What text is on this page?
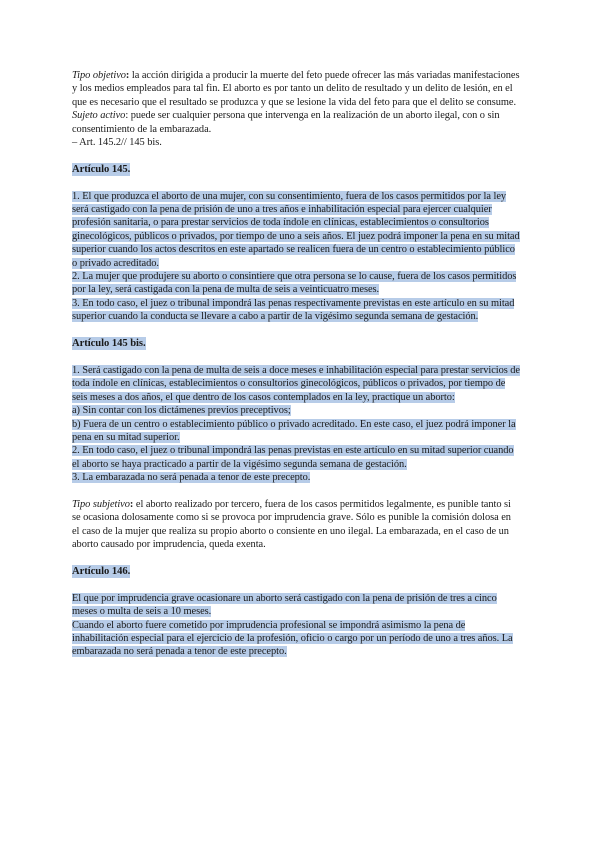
Tipo objetivo: la acción dirigida a producir la muerte del feto puede ofrecer las más variadas manifestaciones y los medios empleados para tal fin. El aborto es por tanto un delito de resultado y un delito de lesión, en el que es necesario que el resultado se produzca y que se lesione la vida del feto para que el delito se consume.

Sujeto activo: puede ser cualquier persona que intervenga en la realización de un aborto ilegal, con o sin consentimiento de la embarazada.

– Art. 145.2// 145 bis.

Artículo 145.

1. El que produzca el aborto de una mujer, con su consentimiento, fuera de los casos permitidos por la ley será castigado con la pena de prisión de uno a tres años e inhabilitación especial para ejercer cualquier profesión sanitaria, o para prestar servicios de toda índole en clínicas, establecimientos o consultorios ginecológicos, públicos o privados, por tiempo de uno a seis años. El juez podrá imponer la pena en su mitad superior cuando los actos descritos en este apartado se realicen fuera de un centro o establecimiento público o privado acreditado.

2. La mujer que produjere su aborto o consintiere que otra persona se lo cause, fuera de los casos permitidos por la ley, será castigada con la pena de multa de seis a veinticuatro meses.

3. En todo caso, el juez o tribunal impondrá las penas respectivamente previstas en este artículo en su mitad superior cuando la conducta se llevare a cabo a partir de la vigésimo segunda semana de gestación.

Artículo 145 bis.

1. Será castigado con la pena de multa de seis a doce meses e inhabilitación especial para prestar servicios de toda índole en clínicas, establecimientos o consultorios ginecológicos, públicos o privados, por tiempo de seis meses a dos años, el que dentro de los casos contemplados en la ley, practique un aborto:

a) Sin contar con los dictámenes previos preceptivos;

b) Fuera de un centro o establecimiento público o privado acreditado. En este caso, el juez podrá imponer la pena en su mitad superior.

2. En todo caso, el juez o tribunal impondrá las penas previstas en este artículo en su mitad superior cuando el aborto se haya practicado a partir de la vigésimo segunda semana de gestación.

3. La embarazada no será penada a tenor de este precepto.

Tipo subjetivo: el aborto realizado por tercero, fuera de los casos permitidos legalmente, es punible tanto si se ocasiona dolosamente como si se provoca por imprudencia grave. Sólo es punible la comisión dolosa en el caso de la mujer que realiza su propio aborto o consiente en uno ilegal. La embarazada, en el caso de un aborto causado por imprudencia, queda exenta.

Artículo 146.

El que por imprudencia grave ocasionare un aborto será castigado con la pena de prisión de tres a cinco meses o multa de seis a 10 meses.

Cuando el aborto fuere cometido por imprudencia profesional se impondrá asimismo la pena de inhabilitación especial para el ejercicio de la profesión, oficio o cargo por un período de uno a tres años. La embarazada no será penada a tenor de este precepto.
